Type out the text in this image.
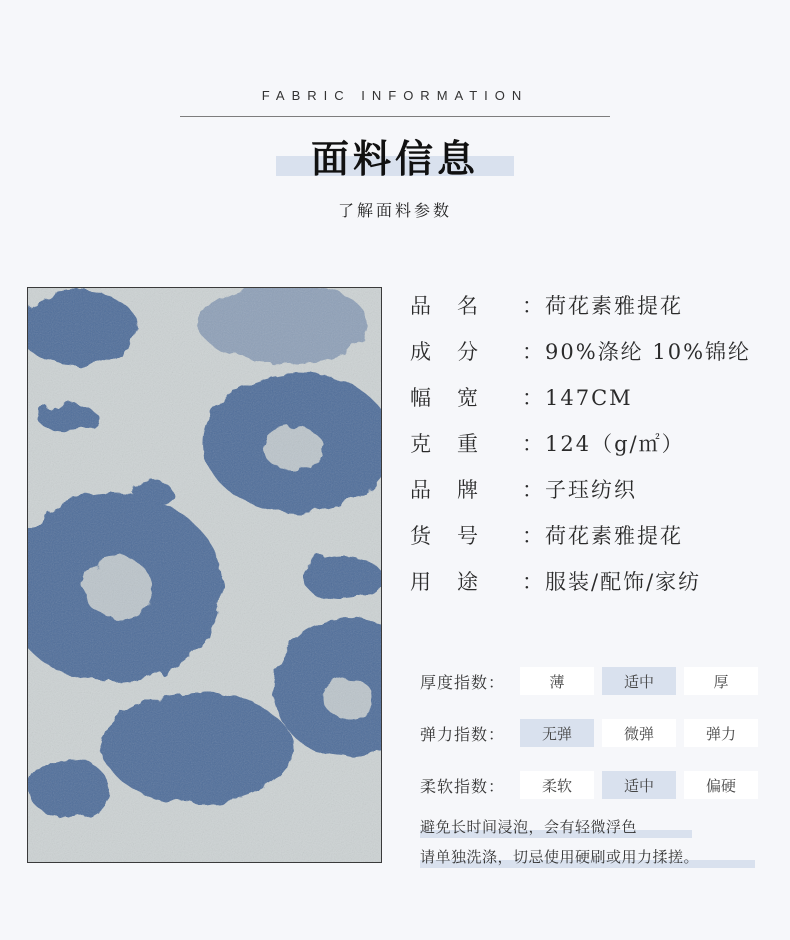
FABRIC INFORMATION
面料信息
了解面料参数
品 名	：荷花素雅提花
成 分	：90%涤纶 10%锦纶
幅 宽	：147CM
克 重	：124（g/㎡）
品 牌	：子珏纺织
货 号	：荷花素雅提花
用 途	：服装/配饰/家纺
厚度指数：	薄	适中	厚
弹力指数：	无弹	微弹	弹力
柔软指数：	柔软	适中	偏硬
避免长时间浸泡，会有轻微浮色
请单独洗涤，切忌使用硬刷或用力揉搓。
